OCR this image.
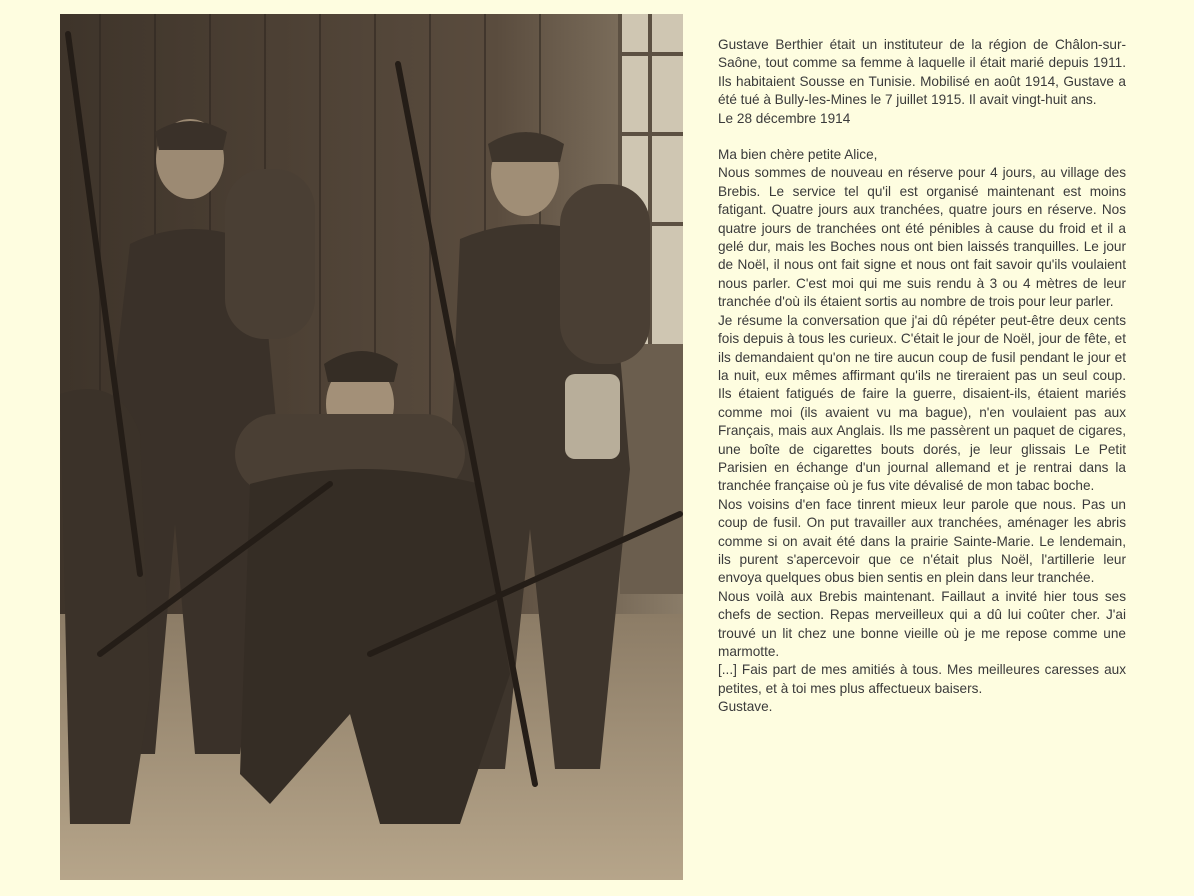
Gustave Berthier était un instituteur de la région de Châlon-sur-Saône, tout comme sa femme à laquelle il était marié depuis 1911. Ils habitaient Sousse en Tunisie. Mobilisé en août 1914, Gustave a été tué à Bully-les-Mines le 7 juillet 1915. Il avait vingt-huit ans.

Le 28 décembre 1914

Ma bien chère petite Alice,

Nous sommes de nouveau en réserve pour 4 jours, au village des Brebis. Le service tel qu'il est organisé maintenant est moins fatigant. Quatre jours aux tranchées, quatre jours en réserve. Nos quatre jours de tranchées ont été pénibles à cause du froid et il a gelé dur, mais les Boches nous ont bien laissés tranquilles. Le jour de Noël, il nous ont fait signe et nous ont fait savoir qu'ils voulaient nous parler. C'est moi qui me suis rendu à 3 ou 4 mètres de leur tranchée d'où ils étaient sortis au nombre de trois pour leur parler.

Je résume la conversation que j'ai dû répéter peut-être deux cents fois depuis à tous les curieux. C'était le jour de Noël, jour de fête, et ils demandaient qu'on ne tire aucun coup de fusil pendant le jour et la nuit, eux mêmes affirmant qu'ils ne tireraient pas un seul coup. Ils étaient fatigués de faire la guerre, disaient-ils, étaient mariés comme moi (ils avaient vu ma bague), n'en voulaient pas aux Français, mais aux Anglais. Ils me passèrent un paquet de cigares, une boîte de cigarettes bouts dorés, je leur glissais Le Petit Parisien en échange d'un journal allemand et je rentrai dans la tranchée française où je fus vite dévalisé de mon tabac boche.

Nos voisins d'en face tinrent mieux leur parole que nous. Pas un coup de fusil. On put travailler aux tranchées, aménager les abris comme si on avait été dans la prairie Sainte-Marie. Le lendemain, ils purent s'apercevoir que ce n'était plus Noël, l'artillerie leur envoya quelques obus bien sentis en plein dans leur tranchée.

Nous voilà aux Brebis maintenant. Faillaut a invité hier tous ses chefs de section. Repas merveilleux qui a dû lui coûter cher. J'ai trouvé un lit chez une bonne vieille où je me repose comme une marmotte.

[...] Fais part de mes amitiés à tous. Mes meilleures caresses aux petites, et à toi mes plus affectueux baisers.

Gustave.
